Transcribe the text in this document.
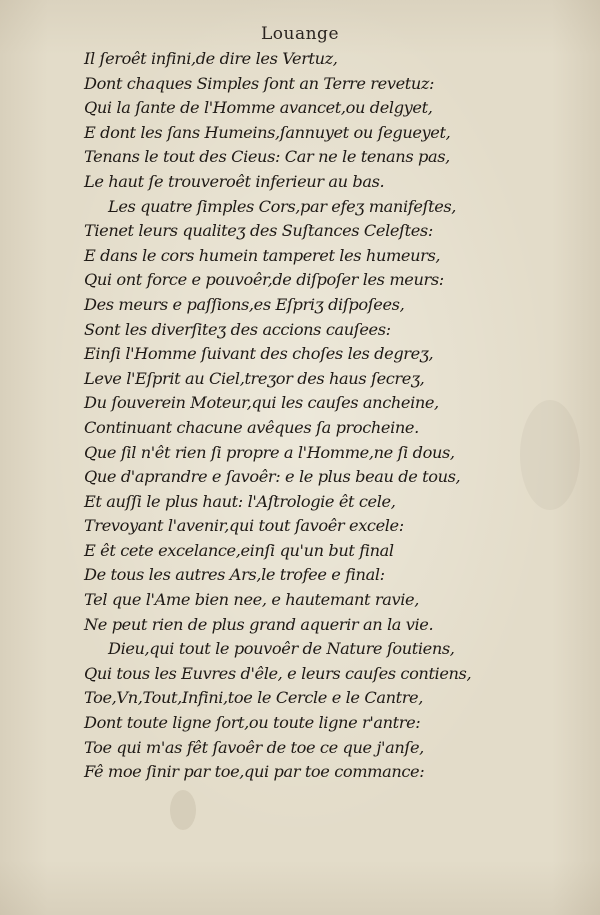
Louange
Il ſeroêt infini,de dire les Vertuz,
Dont chaques Simples ſont an Terre revetuz:
Qui la ſante de l'Homme avancet,ou delgyet,
E dont les ſans Humeins,ſannuyet ou ſegueyet,
Tenans le tout des Cieus: Car ne le tenans pas,
Le haut ſe trouveroêt inferieur au bas.
Les quatre ſimples Cors,par efeʒ manifeſtes,
Tienet leurs qualiteʒ des Suſtances Celeſtes:
E dans le cors humein tamperet les humeurs,
Qui ont force e pouvoêr,de diſpoſer les meurs:
Des meurs e paſſions,es Eſpriʒ diſpoſees,
Sont les diverſiteʒ des accions cauſees:
Einſi l'Homme ſuivant des choſes les degreʒ,
Leve l'Eſprit au Ciel,treʒor des haus ſecreʒ,
Du ſouverein Moteur,qui les cauſes ancheine,
Continuant chacune avêques ſa procheine.
Que ſil n'êt rien ſi propre a l'Homme,ne ſi dous,
Que d'aprandre e ſavoêr: e le plus beau de tous,
Et auſſi le plus haut: l'Aſtrologie êt cele,
Trevoyant l'avenir,qui tout ſavoêr excele:
E êt cete excelance,einſi qu'un but final
De tous les autres Ars,le trofee e final:
Tel que l'Ame bien nee, e hautemant ravie,
Ne peut rien de plus grand aquerir an la vie.
Dieu,qui tout le pouvoêr de Nature ſoutiens,
Qui tous les Euvres d'êle, e leurs cauſes contiens,
Toe,Vn,Tout,Infini,toe le Cercle e le Cantre,
Dont toute ligne ſort,ou toute ligne r'antre:
Toe qui m'as fêt ſavoêr de toe ce que j'anſe,
Fê moe ſinir par toe,qui par toe commance:
